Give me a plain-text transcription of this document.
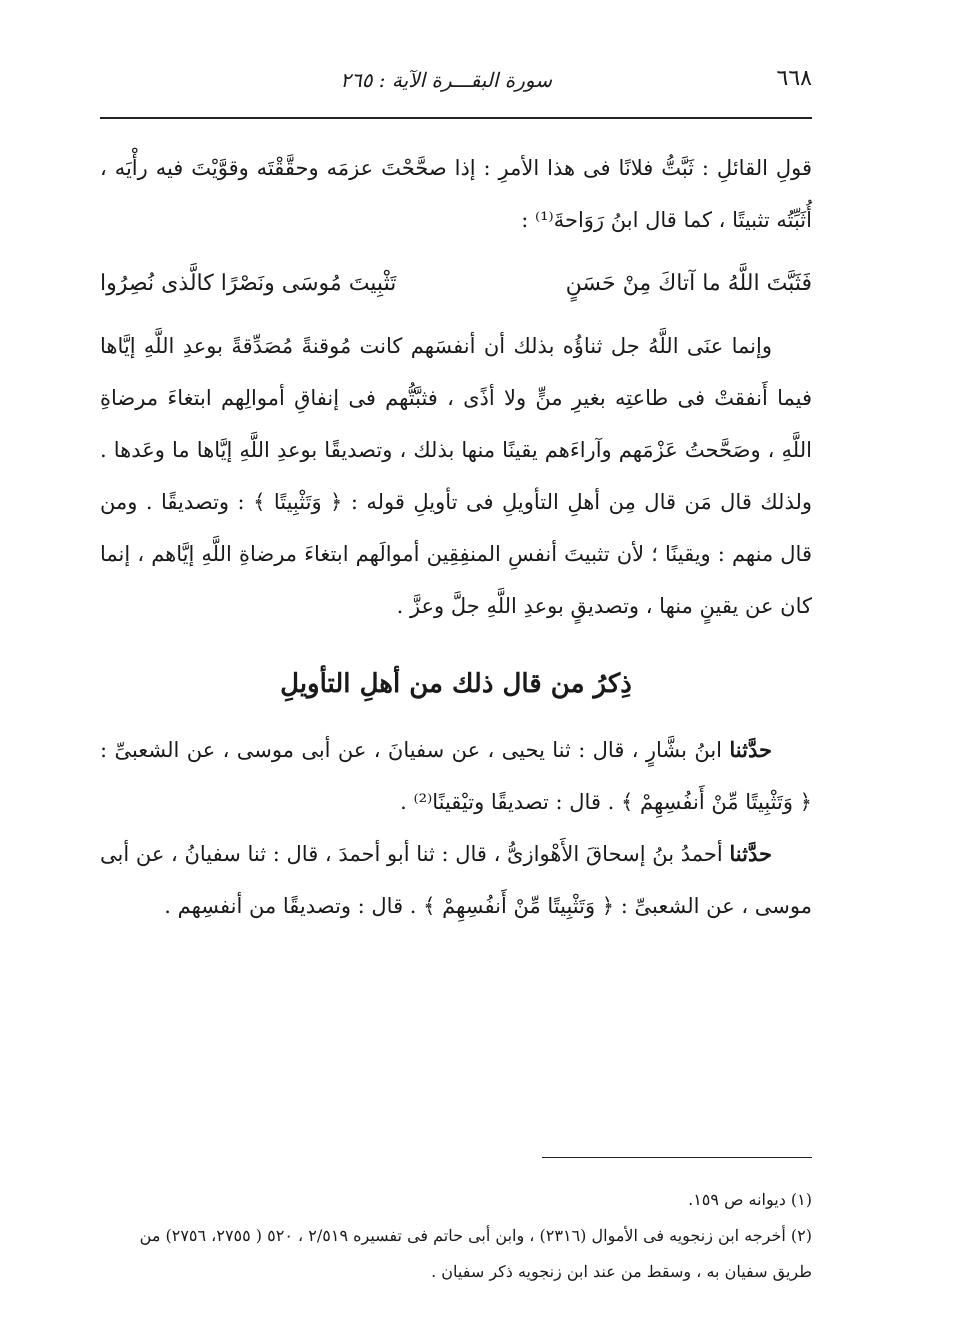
٦٦٨
سورة البقـــرة الآية : ٢٦٥

قولِ القائلِ : ثَبَّتُّ فلانًا فى هذا الأمرِ : إذا صحَّحْتَ عزمَه وحقَّقْتَه وقوَّيْتَ فيه رأْيَه ، أُثَبِّتُه تثبيتًا ، كما قال ابنُ رَوَاحةَ⁽¹⁾ :

فَثَبَّتَ اللَّهُ ما آتاكَ مِنْ حَسَنٍ
تَثْبِيتَ مُوسَى ونَصْرًا كالَّذى نُصِرُوا

وإنما عنَى اللَّهُ جل ثناؤُه بذلك أن أنفسَهم كانت مُوقنةً مُصَدِّقةً بوعدِ اللَّهِ إيَّاها فيما أَنفقتْ فى طاعتِه بغيرِ منٍّ ولا أذًى ، فثبَّتُّهم فى إنفاقِ أموالِهم ابتغاءَ مرضاةِ اللَّهِ ، وصَحَّحتُ عَزْمَهم وآراءَهم يقينًا منها بذلك ، وتصديقًا بوعدِ اللَّهِ إيَّاها ما وعَدها . ولذلك قال مَن قال مِن أهلِ التأويلِ فى تأويلِ قوله : ﴿ وَتَثْبِيتًا ﴾ : وتصديقًا . ومن قال منهم : ويقينًا ؛ لأن تثبيتَ أنفسِ المنفِقِين أموالَهم ابتغاءَ مرضاةِ اللَّهِ إيَّاهم ، إنما كان عن يقينٍ منها ، وتصديقٍ بوعدِ اللَّهِ جلَّ وعزَّ .

ذِكرُ من قال ذلك من أهلِ التأويلِ

حدَّثنا ابنُ بشَّارٍ ، قال : ثنا يحيى ، عن سفيانَ ، عن أبى موسى ، عن الشعبىِّ : ﴿ وَتَثْبِيتًا مِّنْ أَنفُسِهِمْ ﴾ . قال : تصديقًا وتيْقينًا⁽²⁾ .

حدَّثنا أحمدُ بنُ إسحاقَ الأَهْوازىُّ ، قال : ثنا أبو أحمدَ ، قال : ثنا سفيانُ ، عن أبى موسى ، عن الشعبىِّ : ﴿ وَتَثْبِيتًا مِّنْ أَنفُسِهِمْ ﴾ . قال : وتصديقًا من أنفسِهم .

(١) ديوانه ص ١٥٩.

(٢) أخرجه ابن زنجويه فى الأموال (٢٣١٦) ، وابن أبى حاتم فى تفسيره ٢/٥١٩ ، ٥٢٠ ( ٢٧٥٥، ٢٧٥٦) من طريق سفيان به ، وسقط من عند ابن زنجويه ذكر سفيان .
